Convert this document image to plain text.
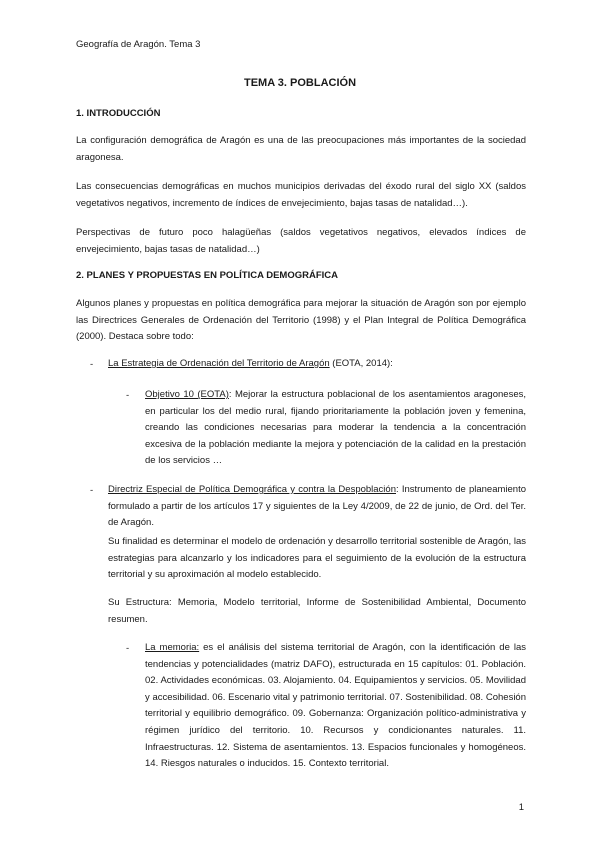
Geografía de Aragón. Tema 3
TEMA 3. POBLACIÓN
1. INTRODUCCIÓN

La configuración demográfica de Aragón es una de las preocupaciones más importantes de la sociedad aragonesa.

Las consecuencias demográficas en muchos municipios derivadas del éxodo rural del siglo XX (saldos vegetativos negativos, incremento de índices de envejecimiento, bajas tasas de natalidad…).

Perspectivas de futuro poco halagüeñas (saldos vegetativos negativos, elevados índices de envejecimiento, bajas tasas de natalidad…)

2. PLANES Y PROPUESTAS EN POLÍTICA DEMOGRÁFICA

Algunos planes y propuestas en política demográfica para mejorar la situación de Aragón son por ejemplo las Directrices Generales de Ordenación del Territorio (1998) y el Plan Integral de Política Demográfica (2000). Destaca sobre todo:

- La Estrategia de Ordenación del Territorio de Aragón (EOTA, 2014):

- Objetivo 10 (EOTA): Mejorar la estructura poblacional de los asentamientos aragoneses, en particular los del medio rural, fijando prioritariamente la población joven y femenina, creando las condiciones necesarias para moderar la tendencia a la concentración excesiva de la población mediante la mejora y potenciación de la calidad en la prestación de los servicios …

- Directriz Especial de Política Demográfica y contra la Despoblación: Instrumento de planeamiento formulado a partir de los artículos 17 y siguientes de la Ley 4/2009, de 22 de junio, de Ord. del Ter. de Aragón.

Su finalidad es determinar el modelo de ordenación y desarrollo territorial sostenible de Aragón, las estrategias para alcanzarlo y los indicadores para el seguimiento de la evolución de la estructura territorial y su aproximación al modelo establecido.

Su Estructura: Memoria, Modelo territorial, Informe de Sostenibilidad Ambiental, Documento resumen.

- La memoria: es el análisis del sistema territorial de Aragón, con la identificación de las tendencias y potencialidades (matriz DAFO), estructurada en 15 capítulos: 01. Población. 02. Actividades económicas. 03. Alojamiento. 04. Equipamientos y servicios. 05. Movilidad y accesibilidad. 06. Escenario vital y patrimonio territorial. 07. Sostenibilidad. 08. Cohesión territorial y equilibrio demográfico. 09. Gobernanza: Organización político-administrativa y régimen jurídico del territorio. 10. Recursos y condicionantes naturales. 11. Infraestructuras. 12. Sistema de asentamientos. 13. Espacios funcionales y homogéneos. 14. Riesgos naturales o inducidos. 15. Contexto territorial.

1
